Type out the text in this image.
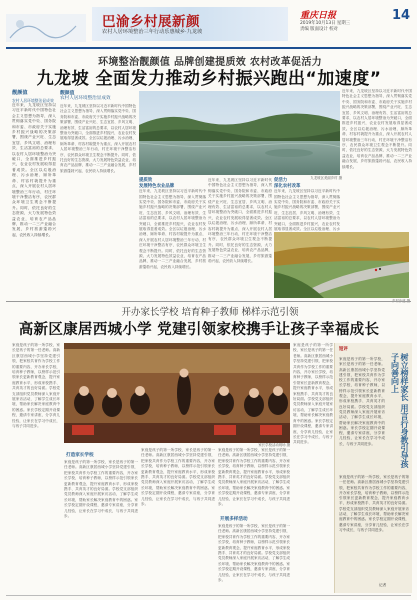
巴渝乡村展新颜
农村人居环境整治三年行动乐惠城乡·九龙坡
重庆日报
2019年10月13日 星期三
责编 版面设计 校对
14
环境整治靓颜值 品牌创建提质效 农村改革促活力
九龙坡 全面发力推动乡村振兴跑出“加速度”
靓颜值
农村人居环境整治显成效
近年来，九龙坡区坚持以习近平新时代中国特色社会主义思想为指导，深入贯彻落实党中央、国务院和市委、市政府关于实施乡村振兴战略的决策部署，围绕产业兴旺、生态宜居、乡风文明、治理有效、生活富裕的总要求，以农村人居环境整治为突破口，全面推进乡村振兴，农业农村发展取得显著成效。全区以垃圾治理、污水治理、厕所革命、村容村貌提升为重点，深入开展农村人居环境整治三年行动，村庄环境干净整洁有序，农民群众环境卫生观念不断提升。同时，依托良好的生态资源，大力发展特色效益农业，培育农产品品牌，推动一二三产业融合发展，乡村旅游蓬勃兴起，农民收入持续增长。
靓颜值
农村人居环境整治显成效
近年来，九龙坡区坚持以习近平新时代中国特色社会主义思想为指导，深入贯彻落实党中央、国务院和市委、市政府关于实施乡村振兴战略的决策部署，围绕产业兴旺、生态宜居、乡风文明、治理有效、生活富裕的总要求，以农村人居环境整治为突破口，全面推进乡村振兴，农业农村发展取得显著成效。全区以垃圾治理、污水治理、厕所革命、村容村貌提升为重点，深入开展农村人居环境整治三年行动，村庄环境干净整洁有序，农民群众环境卫生观念不断提升。同时，依托良好的生态资源，大力发展特色效益农业，培育农产品品牌，推动一二三产业融合发展，乡村旅游蓬勃兴起，农民收入持续增长。
九龙坡区美丽乡村 摄
提质效
发展特色农业品牌
近年来，九龙坡区坚持以习近平新时代中国特色社会主义思想为指导，深入贯彻落实党中央、国务院和市委、市政府关于实施乡村振兴战略的决策部署，围绕产业兴旺、生态宜居、乡风文明、治理有效、生活富裕的总要求，以农村人居环境整治为突破口，全面推进乡村振兴，农业农村发展取得显著成效。全区以垃圾治理、污水治理、厕所革命、村容村貌提升为重点，深入开展农村人居环境整治三年行动，村庄环境干净整洁有序，农民群众环境卫生观念不断提升。同时，依托良好的生态资源，大力发展特色效益农业，培育农产品品牌，推动一二三产业融合发展，乡村旅游蓬勃兴起，农民收入持续增长。
近年来，九龙坡区坚持以习近平新时代中国特色社会主义思想为指导，深入贯彻落实党中央、国务院和市委、市政府关于实施乡村振兴战略的决策部署，围绕产业兴旺、生态宜居、乡风文明、治理有效、生活富裕的总要求，以农村人居环境整治为突破口，全面推进乡村振兴，农业农村发展取得显著成效。全区以垃圾治理、污水治理、厕所革命、村容村貌提升为重点，深入开展农村人居环境整治三年行动，村庄环境干净整洁有序，农民群众环境卫生观念不断提升。同时，依托良好的生态资源，大力发展特色效益农业，培育农产品品牌，推动一二三产业融合发展，乡村旅游蓬勃兴起，农民收入持续增长。
近年来，九龙坡区坚持以习近平新时代中国特色社会主义思想为指导，深入贯彻落实党中央、国务院和市委、市政府关于实施乡村振兴战略的决策部署，围绕产业兴旺、生态宜居、乡风文明、治理有效、生活富裕的总要求，以农村人居环境整治为突破口，全面推进乡村振兴，农业农村发展取得显著成效。全区以垃圾治理、污水治理、厕所革命、村容村貌提升为重点，深入开展农村人居环境整治三年行动，村庄环境干净整洁有序，农民群众环境卫生观念不断提升。同时，依托良好的生态资源，大力发展特色效益农业，培育农产品品牌，推动一二三产业融合发展，乡村旅游蓬勃兴起，农民收入持续增长。
促活力
深化农村改革
近年来，九龙坡区坚持以习近平新时代中国特色社会主义思想为指导，深入贯彻落实党中央、国务院和市委、市政府关于实施乡村振兴战略的决策部署，围绕产业兴旺、生态宜居、乡风文明、治理有效、生活富裕的总要求，以农村人居环境整治为突破口，全面推进乡村振兴，农业农村发展取得显著成效。全区以垃圾治理、污水
开办家长学校 培育种子教师 梯样示范引领
高新区康居西城小学 党建引领家校携手让孩子幸福成长
家庭是孩子的第一所学校，家长是孩子的第一任老师。高新区康居西城小学坚持党建引领，把家校共育作为学校工作的重要内容，开办家长学校，培育种子教师，以榜样示范引领家长更新教育观念，提升家庭教育水平，形成家校携手、共育英才的良好局面。学校党支部组织党员教师深入家庭开展家访活动，了解学生成长环境，帮助家长解决家庭教育中的困惑。家长学校定期开设课程，邀请专家讲座，分享育儿经验，让家长在学习中成长，与孩子共同进步。
家长学校活动现场 摄
打造家长学校
家庭是孩子的第一所学校，家长是孩子的第一任老师。高新区康居西城小学坚持党建引领，把家校共育作为学校工作的重要内容，开办家长学校，培育种子教师，以榜样示范引领家长更新教育观念，提升家庭教育水平，形成家校携手、共育英才的良好局面。学校党支部组织党员教师深入家庭开展家访活动，了解学生成长环境，帮助家长解决家庭教育中的困惑。家长学校定期开设课程，邀请专家讲座，分享育儿经验，让家长在学习中成长，与孩子共同进步。
家庭是孩子的第一所学校，家长是孩子的第一任老师。高新区康居西城小学坚持党建引领，把家校共育作为学校工作的重要内容，开办家长学校，培育种子教师，以榜样示范引领家长更新教育观念，提升家庭教育水平，形成家校携手、共育英才的良好局面。学校党支部组织党员教师深入家庭开展家访活动，了解学生成长环境，帮助家长解决家庭教育中的困惑。家长学校定期开设课程，邀请专家讲座，分享育儿经验，让家长在学习中成长，与孩子共同进步。
开展多样活动
家庭是孩子的第一所学校，家长是孩子的第一任老师。高新区康居西城小学坚持党建引领，把家校共育作为学校工作的重要内容，开办家长学校，培育种子教师，以榜样示范引领家长更新教育观念，提升家庭教育水平，形成家校携手、共育英才的良好局面。学校党支部组织党员教师深入家庭开展家访活动，了解学生成长环境，帮助家长解决家庭教育中的困惑。家长学校定期开设课程，邀请专家讲座，分享育儿经验，让家长在学习中成长，与孩子共同进步。
家庭是孩子的第一所学校，家长是孩子的第一任老师。高新区康居西城小学坚持党建引领，把家校共育作为学校工作的重要内容，开办家长学校，培育种子教师，以榜样示范引领家长更新教育观念，提升家庭教育水平，形成家校携手、共育英才的良好局面。学校党支部组织党员教师深入家庭开展家访活动，了解学生成长环境，帮助家长解决家庭教育中的困惑。家长学校定期开设课程，邀请专家讲座，分享育儿经验，让家长在学习中成长，与孩子共同进步。
家庭是孩子的第一所学校，家长是孩子的第一任老师。高新区康居西城小学坚持党建引领，把家校共育作为学校工作的重要内容，开办家长学校，培育种子教师，以榜样示范引领家长更新教育观念，提升家庭教育水平，形成家校携手、共育英才的良好局面。学校党支部组织党员教师深入家庭开展家访活动，了解学生成长环境，帮助家长解决家庭教育中的困惑。家长学校定期开设课程，邀请专家讲座，分享育儿经验，让家长在学习中成长，与孩子共同进步。
短评
树立榜样家长 用言行身教引导孩子向善向上
家庭是孩子的第一所学校，家长是孩子的第一任老师。高新区康居西城小学坚持党建引领，把家校共育作为学校工作的重要内容，开办家长学校，培育种子教师，以榜样示范引领家长更新教育观念，提升家庭教育水平，形成家校携手、共育英才的良好局面。学校党支部组织党员教师深入家庭开展家访活动，了解学生成长环境，帮助家长解决家庭教育中的困惑。家长学校定期开设课程，邀请专家讲座，分享育儿经验，让家长在学习中成长，与孩子共同进步。
家庭是孩子的第一所学校，家长是孩子的第一任老师。高新区康居西城小学坚持党建引领，把家校共育作为学校工作的重要内容，开办家长学校，培育种子教师，以榜样示范引领家长更新教育观念，提升家庭教育水平，形成家校携手、共育英才的良好局面。学校党支部组织党员教师深入家庭开展家访活动，了解学生成长环境，帮助家长解决家庭教育中的困惑。家长学校定期开设课程，邀请专家讲座，分享育儿经验，让家长在学习中成长，与孩子共同进步。
记者
